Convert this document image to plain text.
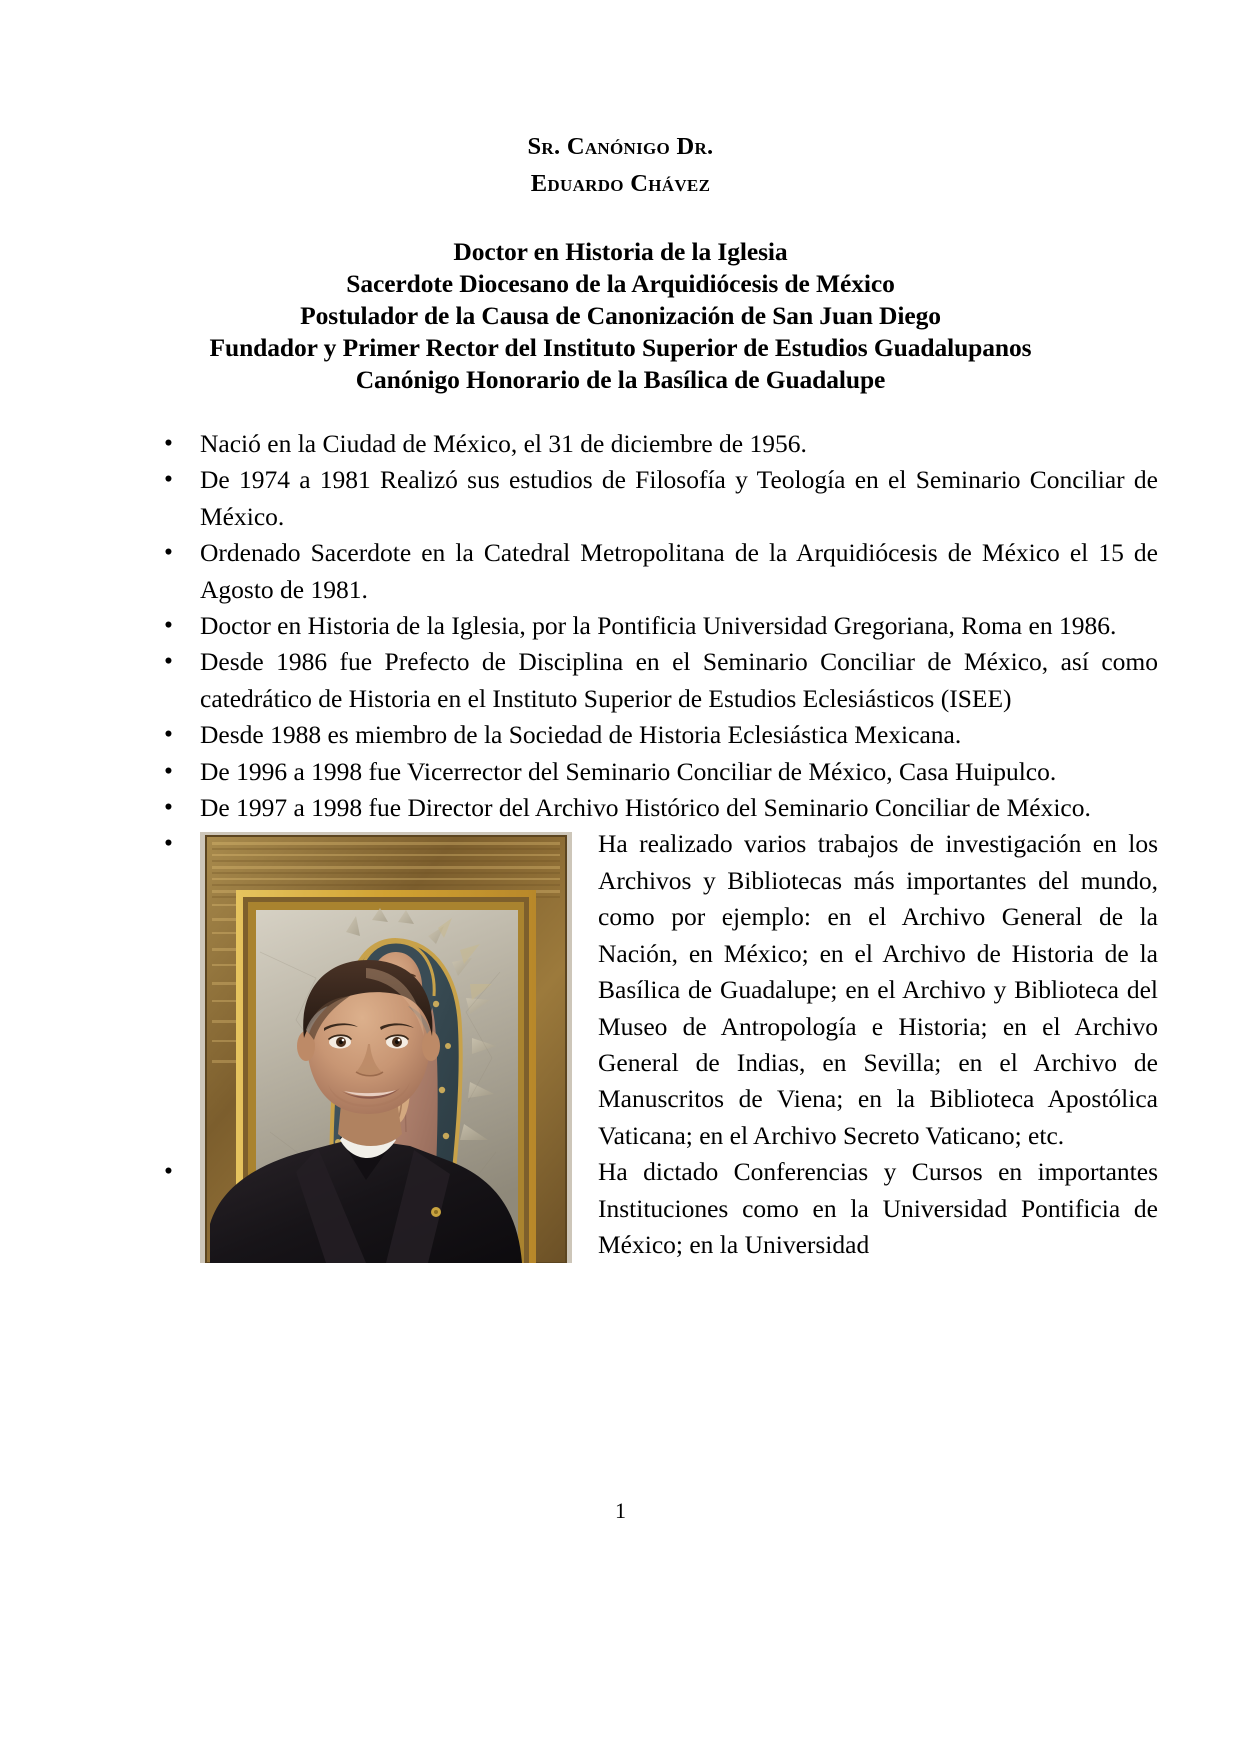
Sr. Canónigo Dr.
Eduardo Chávez
Doctor en Historia de la Iglesia
Sacerdote Diocesano de la Arquidiócesis de México
Postulador de la Causa de Canonización de San Juan Diego
Fundador y Primer Rector del Instituto Superior de Estudios Guadalupanos
Canónigo Honorario de la Basílica de Guadalupe
•
Nació en la Ciudad de México, el 31 de diciembre de 1956.
•
De 1974 a 1981 Realizó sus estudios de Filosofía y Teología en el Seminario Conciliar de México.
•
Ordenado Sacerdote en la Catedral Metropolitana de la Arquidiócesis de México el 15 de Agosto de 1981.
•
Doctor en Historia de la Iglesia, por la Pontificia Universidad Gregoriana, Roma en 1986.
•
Desde 1986 fue Prefecto de Disciplina en el Seminario Conciliar de México, así como catedrático de Historia en el Instituto Superior de Estudios Eclesiásticos (ISEE)
•
Desde 1988 es miembro de la Sociedad de Historia Eclesiástica Mexicana.
•
De 1996 a 1998 fue Vicerrector del Seminario Conciliar de México, Casa Huipulco.
•
De 1997 a 1998 fue Director del Archivo Histórico del Seminario Conciliar de México.
•
Ha realizado varios trabajos de investigación en los Archivos y Bibliotecas más importantes del mundo, como por ejemplo: en el Archivo General de la Nación, en México; en el Archivo de Historia de la Basílica de Guadalupe; en el Archivo y Biblioteca del Museo de Antropología e Historia; en el Archivo General de Indias, en Sevilla; en el Archivo de Manuscritos de Viena; en la Biblioteca Apostólica Vaticana; en el Archivo Secreto Vaticano; etc.
•
Ha dictado Conferencias y Cursos en importantes Instituciones como en la Universidad Pontificia de México; en la Universidad
1
